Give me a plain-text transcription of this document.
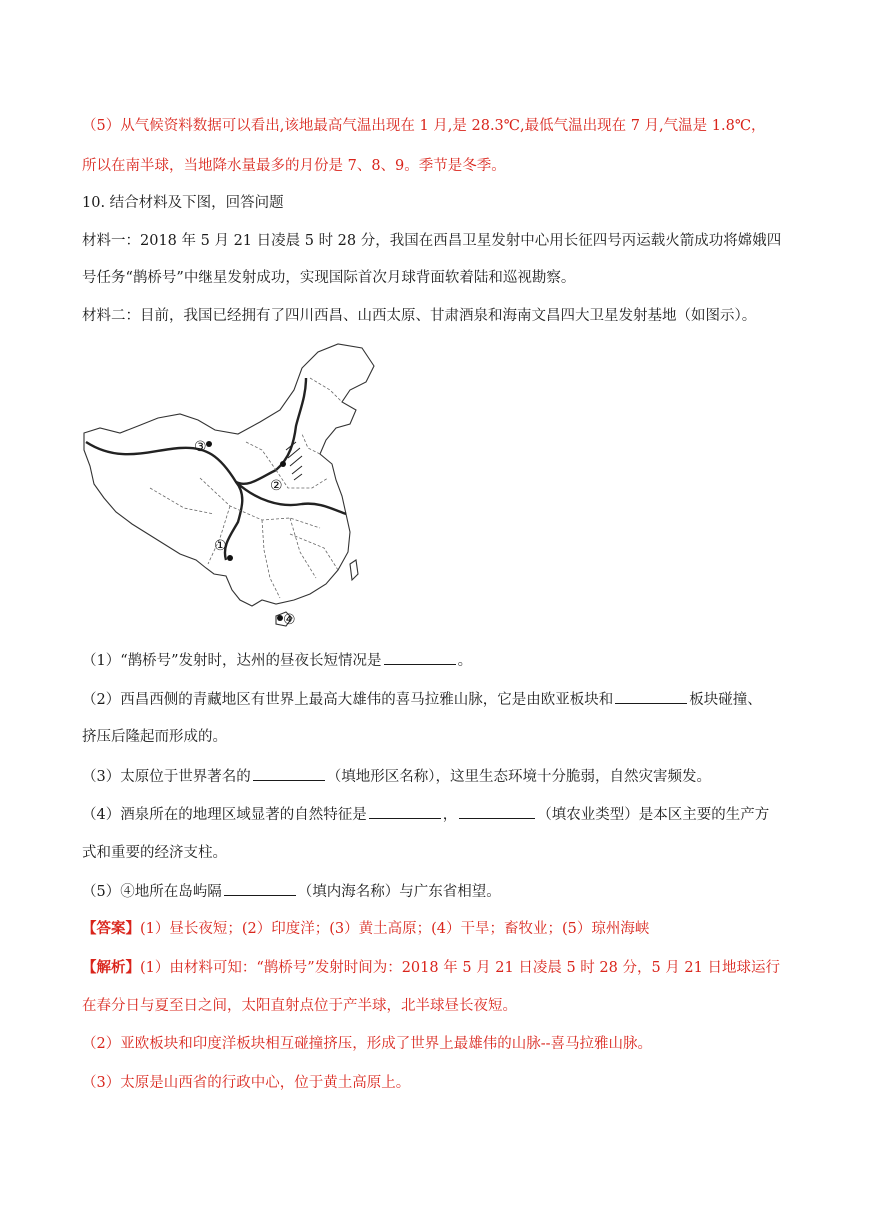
（5）从气候资料数据可以看出,该地最高气温出现在 1 月,是 28.3℃,最低气温出现在 7 月,气温是 1.8℃，
所以在南半球，当地降水量最多的月份是 7、8、9。季节是冬季。
10. 结合材料及下图，回答问题
材料一：2018 年 5 月 21 日凌晨 5 时 28 分，我国在西昌卫星发射中心用长征四号丙运载火箭成功将嫦娥四
号任务“鹊桥号”中继星发射成功，实现国际首次月球背面软着陆和巡视勘察。
材料二：目前，我国已经拥有了四川西昌、山西太原、甘肃酒泉和海南文昌四大卫星发射基地（如图示）。
①
②
③
④
（1）“鹊桥号”发射时，达州的昼夜长短情况是	。
（2）西昌西侧的青藏地区有世界上最高大雄伟的喜马拉雅山脉，它是由欧亚板块和	板块碰撞、
挤压后隆起而形成的。
（3）太原位于世界著名的	（填地形区名称），这里生态环境十分脆弱，自然灾害频发。
（4）酒泉所在的地理区域显著的自然特征是	，	（填农业类型）是本区主要的生产方
式和重要的经济支柱。
（5）④地所在岛屿隔	（填内海名称）与广东省相望。
【答案】(1）昼长夜短；(2）印度洋；(3）黄土高原；(4）干旱；畜牧业；(5）琼州海峡
【解析】(1）由材料可知：“鹊桥号”发射时间为：2018 年 5 月 21 日凌晨 5 时 28 分，5 月 21 日地球运行
在春分日与夏至日之间，太阳直射点位于产半球，北半球昼长夜短。
（2）亚欧板块和印度洋板块相互碰撞挤压，形成了世界上最雄伟的山脉--喜马拉雅山脉。
（3）太原是山西省的行政中心，位于黄土高原上。
